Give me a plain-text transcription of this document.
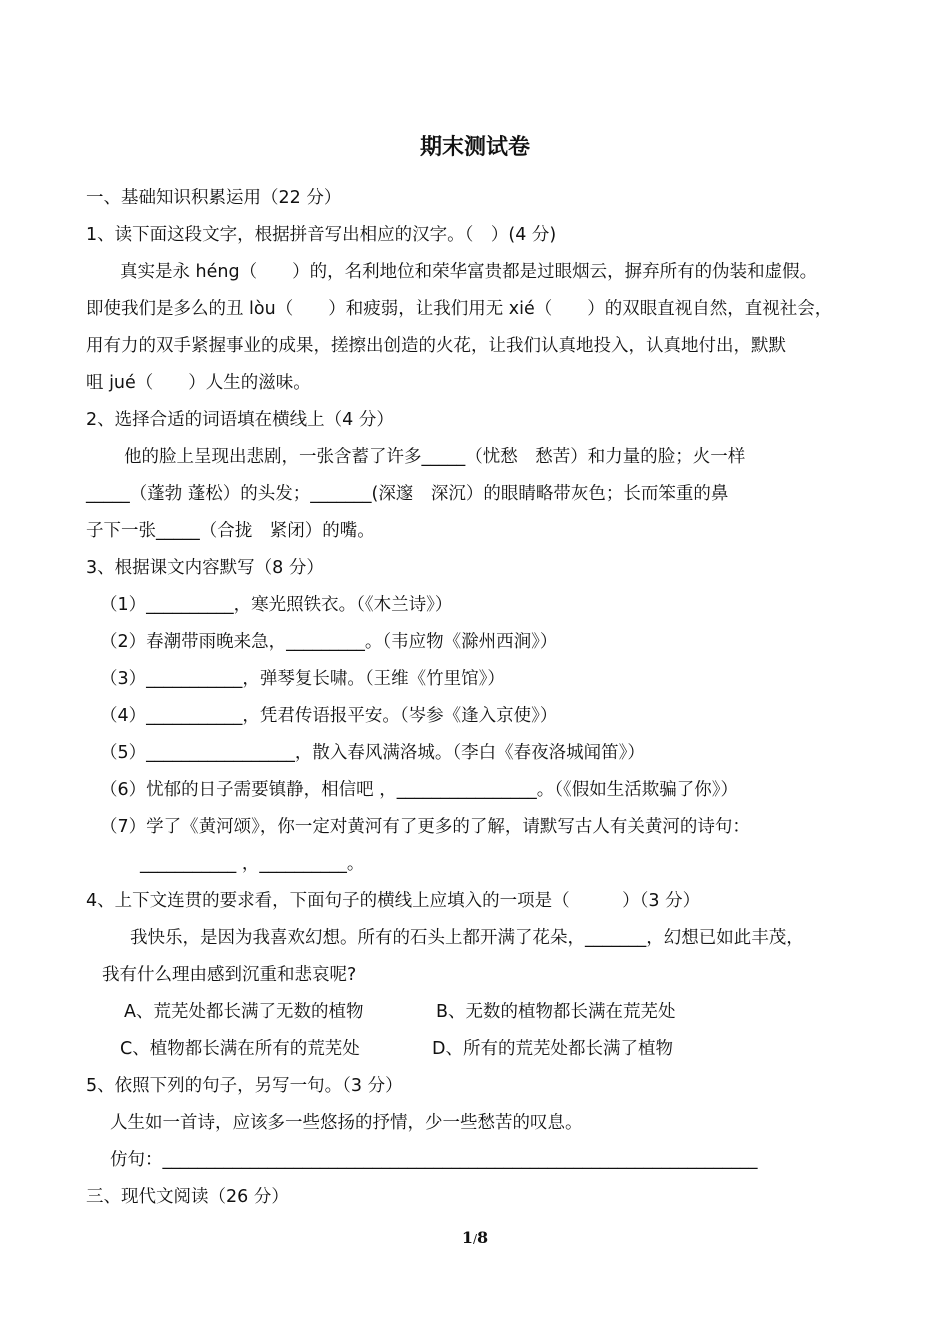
期末测试卷
一、基础知识积累运用（22 分）
1、读下面这段文字，根据拼音写出相应的汉字。（　）(4 分)
真实是永 héng（　　）的，名利地位和荣华富贵都是过眼烟云，摒弃所有的伪装和虚假。
即使我们是多么的丑 lòu（　　）和疲弱，让我们用无 xié（　　）的双眼直视自然，直视社会，
用有力的双手紧握事业的成果，搓擦出创造的火花，让我们认真地投入，认真地付出，默默
咀 jué（　　）人生的滋味。
2、选择合适的词语填在横线上（4 分）
他的脸上呈现出悲剧，一张含蓄了许多_____（忧愁　愁苦）和力量的脸；火一样
_____（蓬勃 蓬松）的头发；_______(深邃　深沉）的眼睛略带灰色；长而笨重的鼻
子下一张_____（合拢　紧闭）的嘴。
3、根据课文内容默写（8 分）
（1）__________，寒光照铁衣。（《木兰诗》）
（2）春潮带雨晚来急，_________。（韦应物《滁州西涧》）
（3）___________，弹琴复长啸。（王维《竹里馆》）
（4）___________，凭君传语报平安。（岑参《逢入京使》）
（5）_________________，散入春风满洛城。（李白《春夜洛城闻笛》）
（6）忧郁的日子需要镇静，相信吧 ，________________。（《假如生活欺骗了你》）
（7）学了《黄河颂》，你一定对黄河有了更多的了解，请默写古人有关黄河的诗句：
___________ ，__________。
4、上下文连贯的要求看，下面句子的横线上应填入的一项是（　　　）（3 分）
我快乐，是因为我喜欢幻想。所有的石头上都开满了花朵，_______，幻想已如此丰茂，
我有什么理由感到沉重和悲哀呢?
A、荒芜处都长满了无数的植物	B、无数的植物都长满在荒芜处
C、植物都长满在所有的荒芜处	D、所有的荒芜处都长满了植物
5、依照下列的句子，另写一句。（3 分）
人生如一首诗，应该多一些悠扬的抒情，少一些愁苦的叹息。
仿句：____________________________________________________________________
三、现代文阅读（26 分）
1/8
